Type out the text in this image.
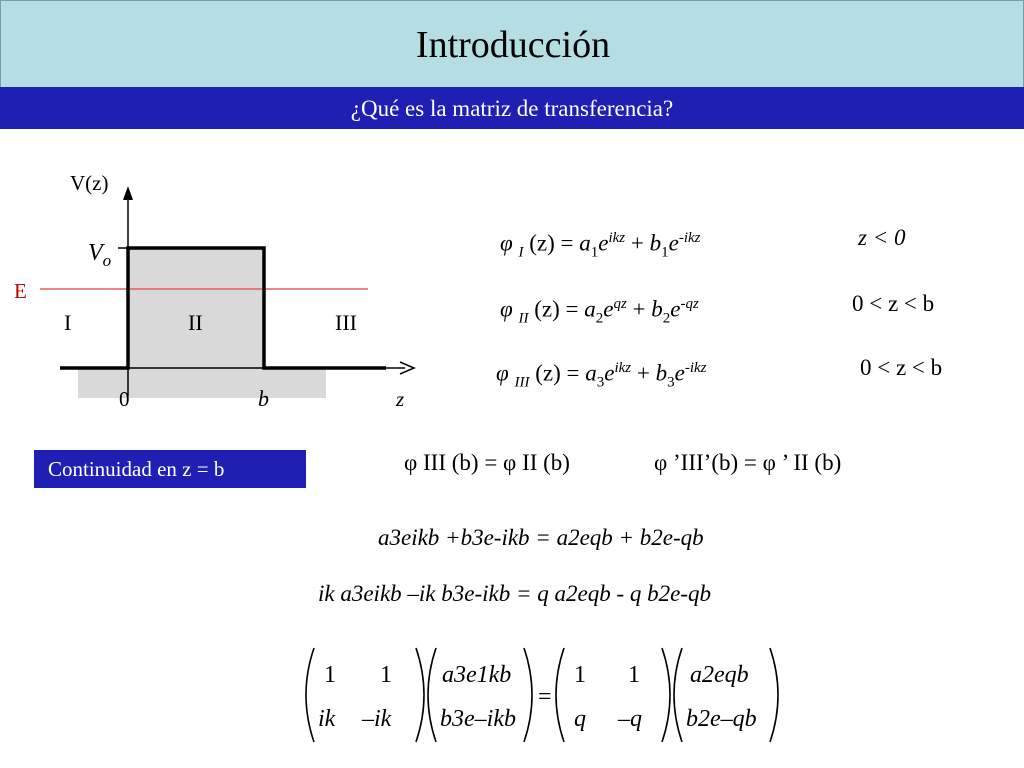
Introducción
¿Qué es la matriz de transferencia?
V(z)
$V_o$
E
I	II	III
0	b	z
φ $_I$ $(z) = a_1e^{ikz} + b_1e^{-ikz}$	z < 0
φ $_{II}$ $(z) = a_2e^{qz} + b_2e^{-qz}$	0 < z < b
φ $_{III}$ $(z) = a_3e^{ikz} + b_3e^{-ikz}$	0 < z < b
Continuidad en z = b	φ III (b) = φ II (b)	φ ’III’(b) = φ ’ II (b)
a3eikb +b3e-ikb = a2eqb + b2e-qb
ik a3eikb –ik b3e-ikb = q a2eqb - q b2e-qb
1 1
ik –ik
a3e1kb
b3e–ikb
=
1 1
q –q
a2eqb
b2e–qb
